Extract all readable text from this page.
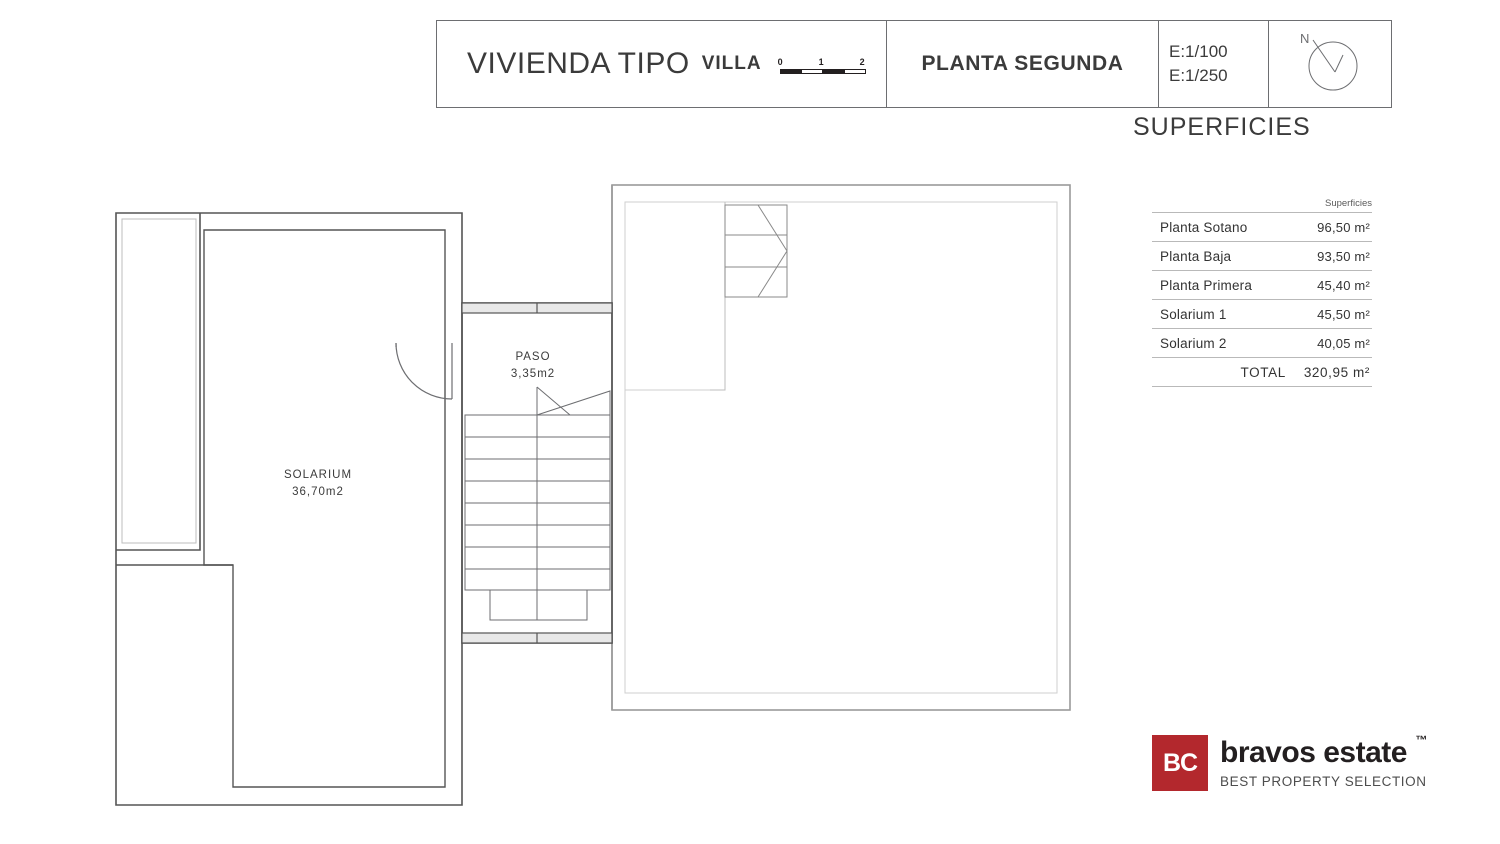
VIVIENDA TIPO VILLA 0	1	2	PLANTA SEGUNDA
E:1/100
E:1/250
N
SUPERFICIES
Superficies
Planta Sotano	96,50 m²
Planta Baja	93,50 m²
Planta Primera	45,40 m²
Solarium 1	45,50 m²
Solarium 2	40,05 m²
TOTAL 320,95 m²
SOLARIUM
36,70m2
PASO
3,35m2
BC bravos estate ™
BEST PROPERTY SELECTION
